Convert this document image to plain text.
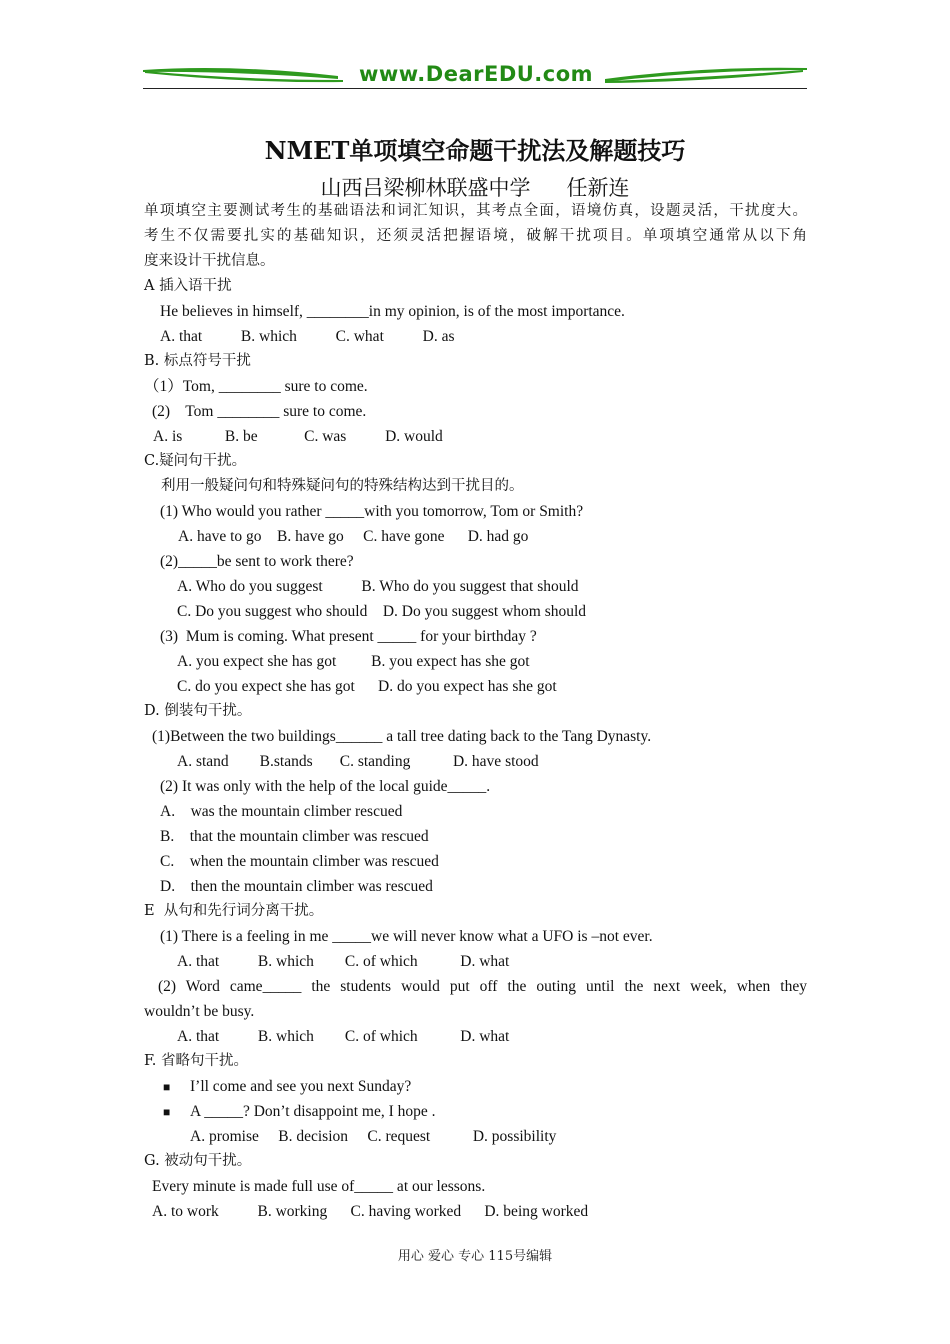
www.DearEDU.com
NMET单项填空命题干扰法及解题技巧
山西吕梁柳林联盛中学 任新连
单项填空主要测试考生的基础语法和词汇知识，其考点全面，语境仿真，设题灵活，干扰度大。
考生不仅需要扎实的基础知识，还须灵活把握语境，破解干扰项目。单项填空通常从以下角
度来设计干扰信息。
A 插入语干扰
He believes in himself, ________in my opinion, is of the most importance.
A. that          B. which          C. what          D. as
B. 标点符号干扰
（1）Tom, ________ sure to come.
(2)    Tom ________ sure to come.
A. is           B. be            C. was          D. would
C.疑问句干扰。
利用一般疑问句和特殊疑问句的特殊结构达到干扰目的。
(1) Who would you rather _____with you tomorrow, Tom or Smith?
A. have to go    B. have go     C. have gone      D. had go
(2)_____be sent to work there?
A. Who do you suggest          B. Who do you suggest that should
C. Do you suggest who should    D. Do you suggest whom should
(3)  Mum is coming. What present _____ for your birthday ?
A. you expect she has got         B. you expect has she got
C. do you expect she has got      D. do you expect has she got
D. 倒装句干扰。
(1)Between the two buildings______ a tall tree dating back to the Tang Dynasty.
A. stand        B.stands       C. standing           D. have stood
(2) It was only with the help of the local guide_____.
A.    was the mountain climber rescued
B.    that the mountain climber was rescued
C.    when the mountain climber was rescued
D.    then the mountain climber was rescued
E  从句和先行词分离干扰。
(1) There is a feeling in me _____we will never know what a UFO is –not ever.
A. that          B. which        C. of which           D. what
(2) Word came_____ the students would put off the outing until the next week, when they
wouldn’t be busy.
A. that          B. which        C. of which           D. what
F. 省略句干扰。
■ I’ll come and see you next Sunday?
■ A _____? Don’t disappoint me, I hope .
A. promise     B. decision     C. request           D. possibility
G. 被动句干扰。
Every minute is made full use of_____ at our lessons.
A. to work          B. working      C. having worked      D. being worked
用心 爱心 专心 115号编辑
